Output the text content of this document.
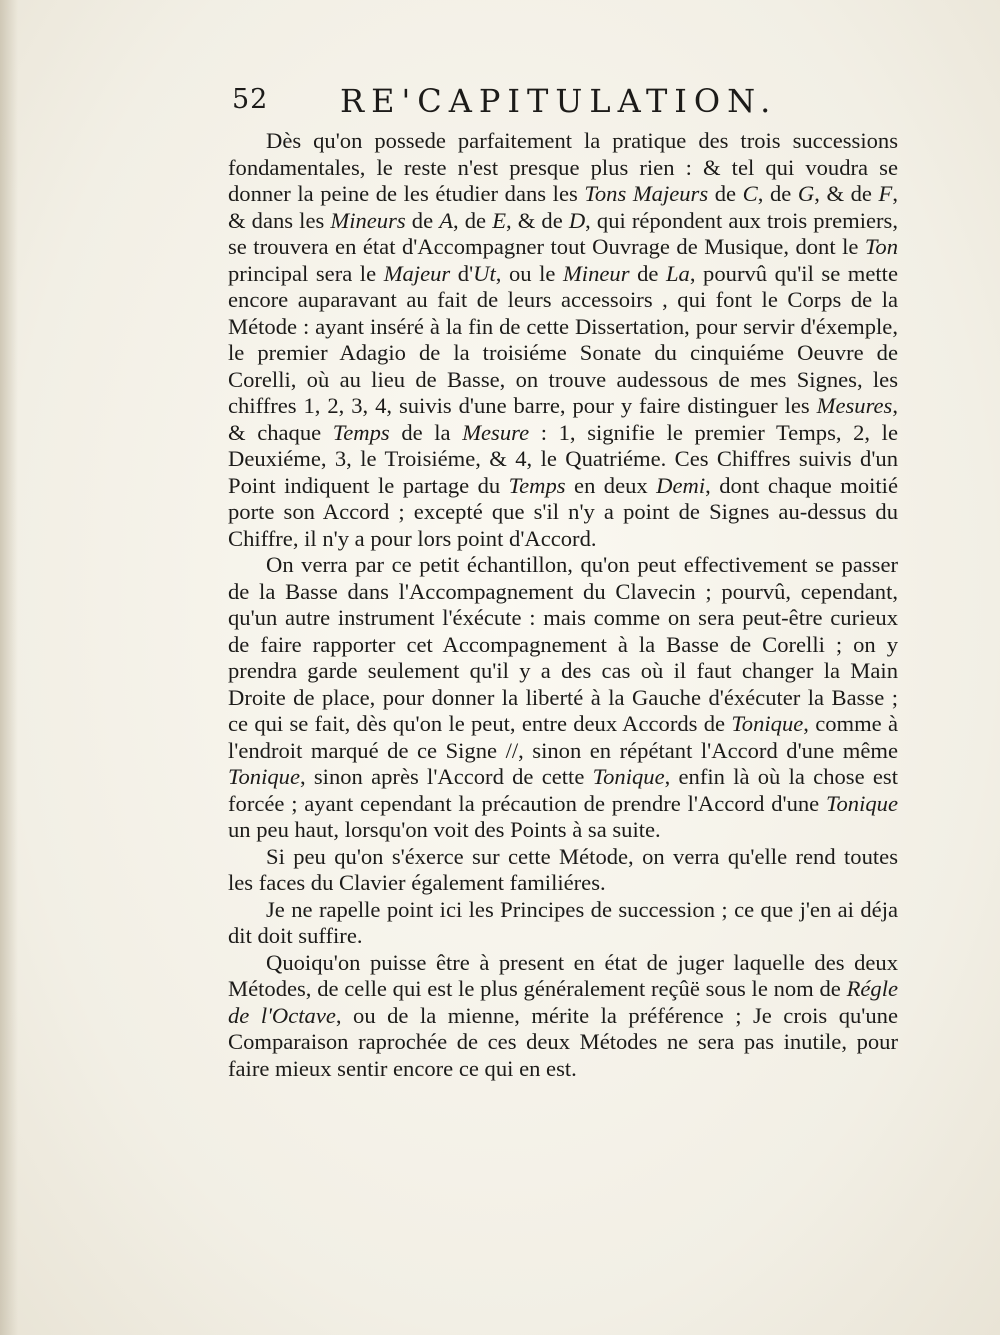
52 RE'CAPITULATION.

Dès qu'on possede parfaitement la pratique des trois successions fondamentales, le reste n'est presque plus rien : & tel qui voudra se donner la peine de les étudier dans les Tons Majeurs de C, de G, & de F, & dans les Mineurs de A, de E, & de D, qui répondent aux trois premiers, se trouvera en état d'Accompagner tout Ouvrage de Musique, dont le Ton principal sera le Majeur d'Ut, ou le Mineur de La, pourvû qu'il se mette encore auparavant au fait de leurs accessoirs , qui font le Corps de la Métode : ayant inséré à la fin de cette Dissertation, pour servir d'éxemple, le premier Adagio de la troisiéme Sonate du cinquiéme Oeuvre de Corelli, où au lieu de Basse, on trouve audessous de mes Signes, les chiffres 1, 2, 3, 4, suivis d'une barre, pour y faire distinguer les Mesures, & chaque Temps de la Mesure : 1, signifie le premier Temps, 2, le Deuxiéme, 3, le Troisiéme, & 4, le Quatriéme. Ces Chiffres suivis d'un Point indiquent le partage du Temps en deux Demi, dont chaque moitié porte son Accord ; excepté que s'il n'y a point de Signes au-dessus du Chiffre, il n'y a pour lors point d'Accord.

On verra par ce petit échantillon, qu'on peut effectivement se passer de la Basse dans l'Accompagnement du Clavecin ; pourvû, cependant, qu'un autre instrument l'éxécute : mais comme on sera peut-être curieux de faire rapporter cet Accompagnement à la Basse de Corelli ; on y prendra garde seulement qu'il y a des cas où il faut changer la Main Droite de place, pour donner la liberté à la Gauche d'éxécuter la Basse ; ce qui se fait, dès qu'on le peut, entre deux Accords de Tonique, comme à l'endroit marqué de ce Signe //, sinon en répétant l'Accord d'une même Tonique, sinon après l'Accord de cette Tonique, enfin là où la chose est forcée ; ayant cependant la précaution de prendre l'Accord d'une Tonique un peu haut, lorsqu'on voit des Points à sa suite.

Si peu qu'on s'éxerce sur cette Métode, on verra qu'elle rend toutes les faces du Clavier également familiéres.

Je ne rapelle point ici les Principes de succession ; ce que j'en ai déja dit doit suffire.

Quoiqu'on puisse être à present en état de juger laquelle des deux Métodes, de celle qui est le plus généralement reçûë sous le nom de Régle de l'Octave, ou de la mienne, mérite la préférence ; Je crois qu'une Comparaison raprochée de ces deux Métodes ne sera pas inutile, pour faire mieux sentir encore ce qui en est.
